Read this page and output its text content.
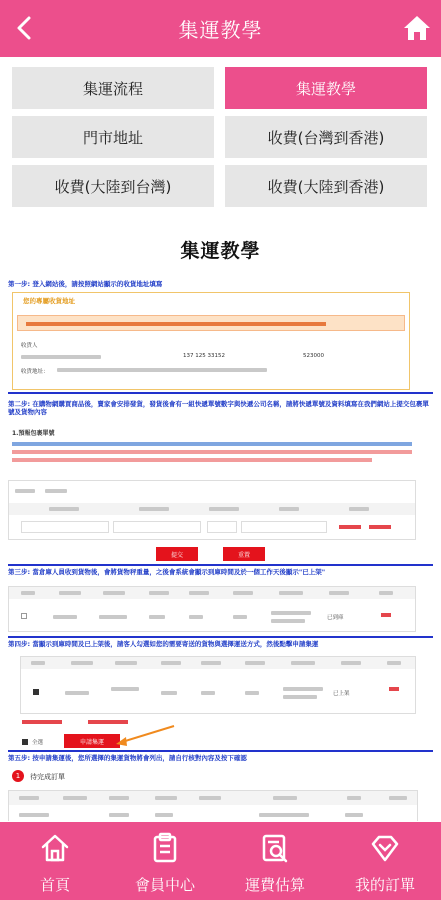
集運教學
集運流程	集運教學
門市地址	收費(台灣到香港)
收費(大陸到台灣)	收費(大陸到香港)
集運教學
第一步: 登入網站後，請按照網站顯示的收貨地址填寫
您的專屬收貨地址
收貨人
137 125 33152	523000
收貨地址：
第二步: 在購物網購買商品後，賣家會安排發貨，發貨後會有一組快遞單號數字與快遞公司名稱，請將快遞單號及資料填寫在我們網站上提交包裹單號及貨物內容
1.預報包裹單號
提交	重置
第三步: 當倉庫人員收到貨物後，會將貨物秤重量，之後會系統會顯示到庫時間及於一個工作天後顯示"已上架"
已到庫
第四步: 當顯示到庫時間及已上架後，請客人勾選如您的需要寄送的貨物與選擇運送方式，然後點擊申請集運
已上架
全選	申請集運
第五步: 按申請集運後，您所選擇的集運貨物將會列出，請自行核對內容及按下確認
1	待完成訂單
首頁	會員中心	運費估算	我的訂單
